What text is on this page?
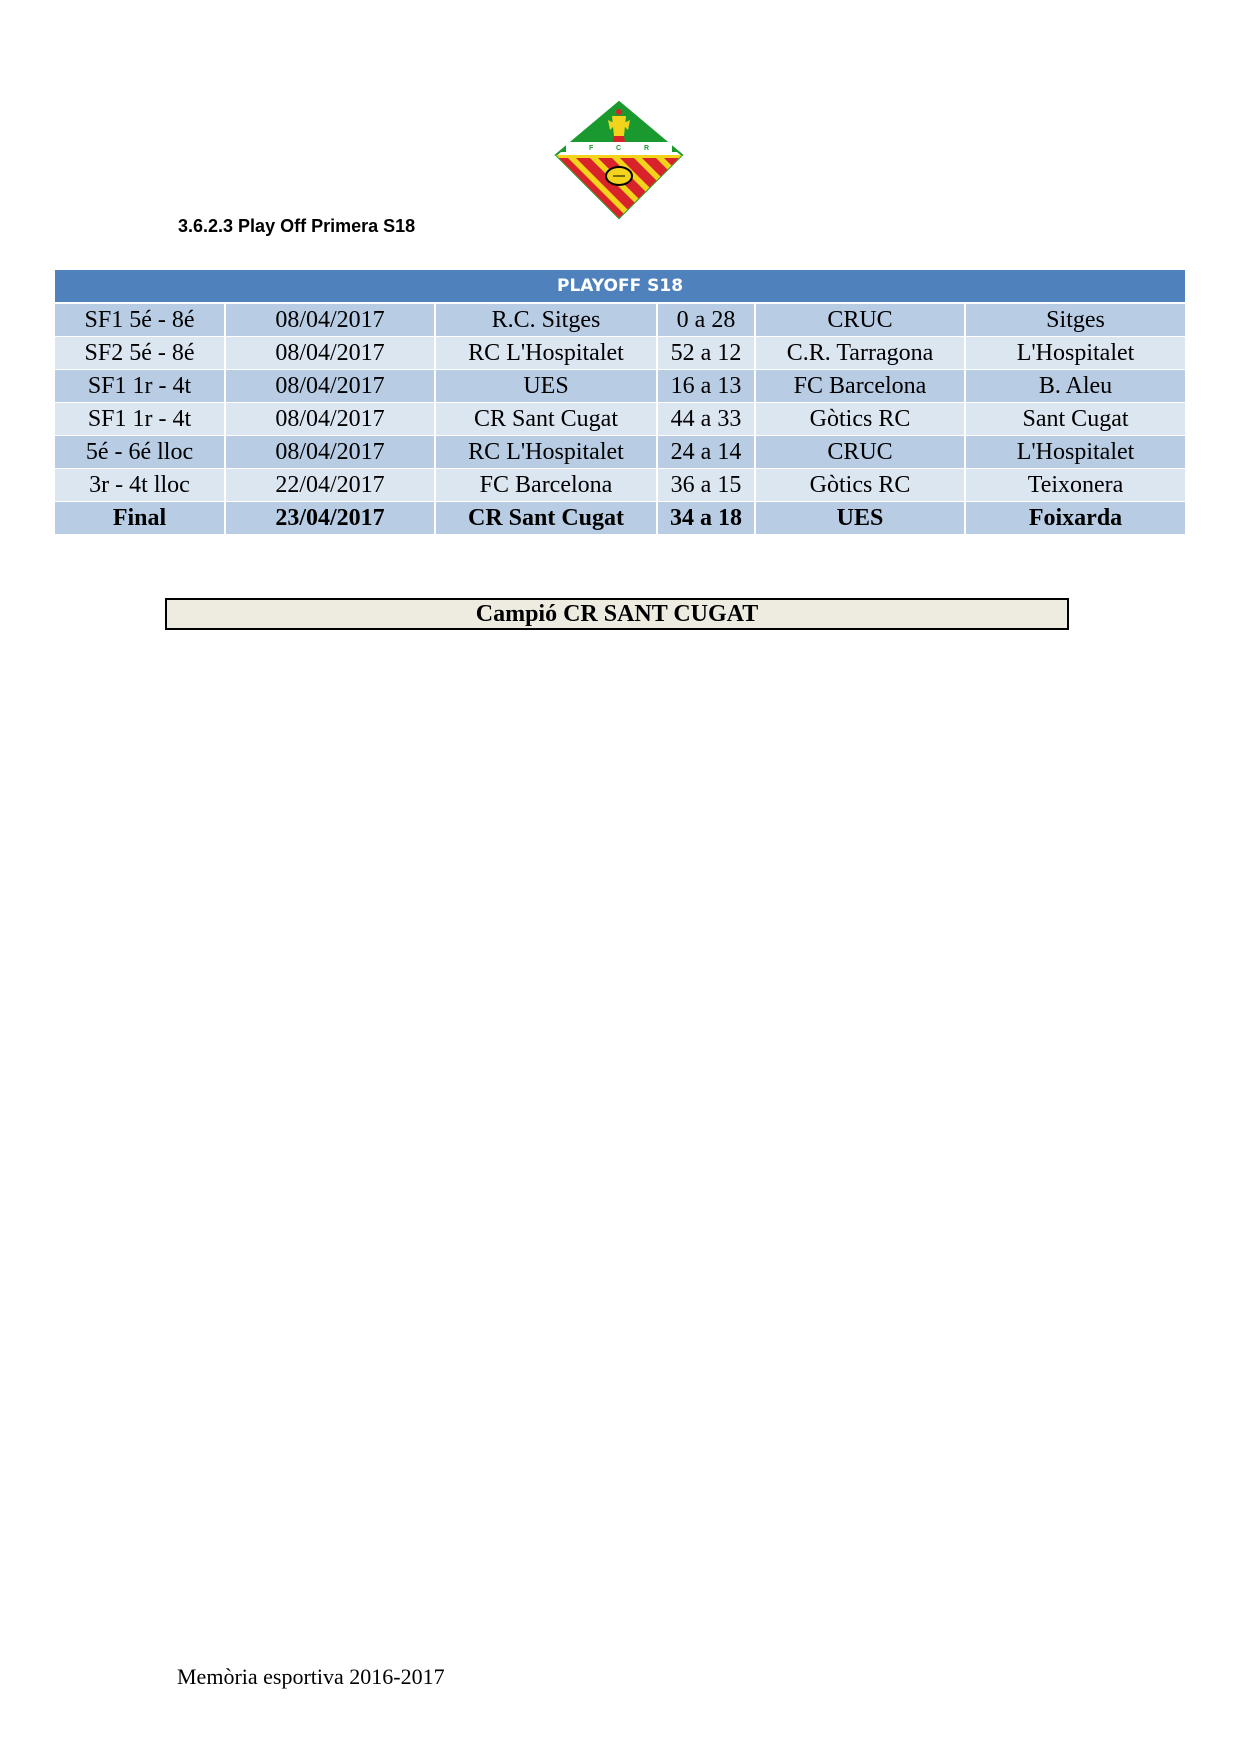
F	C	R
3.6.2.3 Play Off Primera S18
PLAYOFF S18					
SF1 5é - 8é	08/04/2017	R.C. Sitges	0 a 28	CRUC	Sitges
SF2 5é - 8é	08/04/2017	RC L'Hospitalet	52 a 12	C.R. Tarragona	L'Hospitalet
SF1 1r - 4t	08/04/2017	UES	16 a 13	FC Barcelona	B. Aleu
SF1 1r - 4t	08/04/2017	CR Sant Cugat	44 a 33	Gòtics RC	Sant Cugat
5é - 6é lloc	08/04/2017	RC L'Hospitalet	24 a 14	CRUC	L'Hospitalet
3r - 4t lloc	22/04/2017	FC Barcelona	36 a 15	Gòtics RC	Teixonera
Final	23/04/2017	CR Sant Cugat	34 a 18	UES	Foixarda
Campió CR SANT CUGAT
Memòria esportiva 2016-2017
